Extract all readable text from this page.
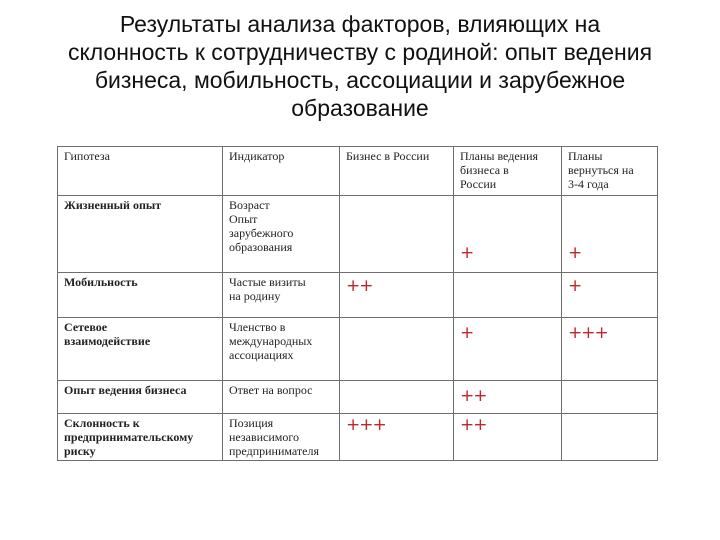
Результаты анализа факторов, влияющих на
склонность к сотрудничеству с родиной: опыт ведения
бизнеса, мобильность, ассоциации и зарубежное
образование
Гипотеза	Индикатор	Бизнес в России	Планы ведения
бизнеса в
России	Планы
вернуться на
3-4 года

Жизненный опыт	Возраст
Опыт
зарубежного
образования		+	+

Мобильность	Частые визиты
на родину	++		+

Сетевое
взаимодействие	Членство в
международных
ассоциациях		+	+++

Опыт ведения бизнеса	Ответ на вопрос		++	

Склонность к
предпринимательскому
риску	Позиция
независимого
предпринимателя	+++	++	
